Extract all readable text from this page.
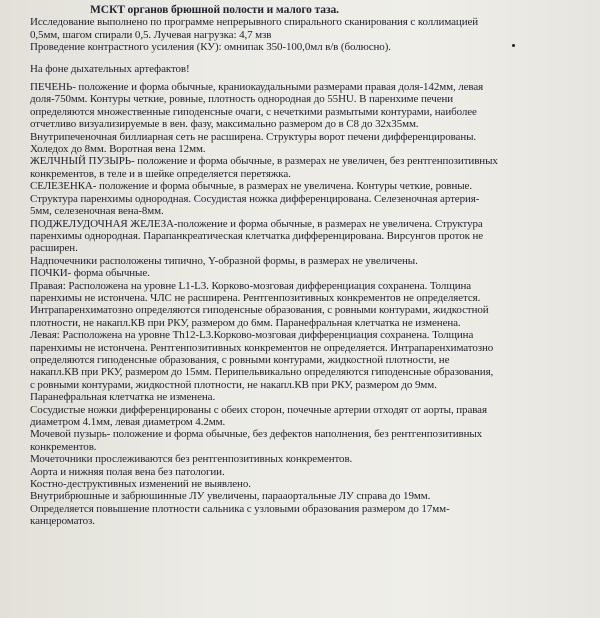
МСКТ органов брюшной полости и малого таза.
Исследование выполнено по программе непрерывного спирального сканирования с коллимацией
0,5мм, шагом спирали 0,5. Лучевая нагрузка: 4,7 мзв
Проведение контрастного усиления (КУ): омнипак 350-100,0мл в/в (болюсно).
На фоне дыхательных артефактов!
ПЕЧЕНЬ- положение и форма обычные, краниокаудальными размерами правая доля-142мм, левая
доля-750мм. Контуры четкие, ровные, плотность однородная до 55HU. В паренхиме печени
определяются множественные гиподенсные очаги, с нечеткими размытыми контурами, наиболее
отчетливо визуализируемые в вен. фазу, максимально размером до в С8 до 32х35мм.
Внутрипеченочная биллиарная сеть не расширена. Структуры ворот печени дифференцированы.
Холедох до 8мм. Воротная вена 12мм.
ЖЕЛЧНЫЙ ПУЗЫРЬ- положение и форма обычные, в размерах не увеличен, без рентгенпозитивных
конкрементов, в теле и в шейке определяется перетяжка.
СЕЛЕЗЕНКА- положение и форма обычные, в размерах не увеличена. Контуры четкие, ровные.
Структура паренхимы однородная. Сосудистая ножка дифференцирована. Селезеночная артерия-
5мм, селезеночная вена-8мм.
ПОДЖЕЛУДОЧНАЯ ЖЕЛЕЗА-положение и форма обычные, в размерах не увеличена. Структура
паренхимы однородная. Парапанкреатическая клетчатка дифференцирована. Вирсунгов проток не
расширен.
Надпочечники расположены типично, Y-образной формы, в размерах не увеличены.
ПОЧКИ- форма обычные.
Правая: Расположена на уровне L1-L3. Корково-мозговая дифференциация сохранена. Толщина
паренхимы не истончена. ЧЛС не расширена. Рентгенпозитивных конкрементов не определяется.
Интрапаренхиматозно определяются гиподенсные образования, с ровными контурами, жидкостной
плотности, не накапл.КВ при РКУ, размером до 6мм. Паранефральная клетчатка не изменена.
Левая: Расположена на уровне Th12-L3.Корково-мозговая дифференциация сохранена. Толщина
паренхимы не истончена. Рентгенпозитивных конкрементов не определяется. Интрапаренхиматозно
определяются гиподенсные образования, с ровными контурами, жидкостной плотности, не
накапл.КВ при РКУ, размером до 15мм. Перипельвикально определяются гиподенсные образования,
с ровными контурами, жидкостной плотности, не накапл.КВ при РКУ, размером до 9мм.
Паранефральная клетчатка не изменена.
Сосудистые ножки дифференцированы с обеих сторон, почечные артерии отходят от аорты, правая
диаметром 4.1мм, левая диаметром 4.2мм.
Мочевой пузырь- положение и форма обычные, без дефектов наполнения, без рентгенпозитивных
конкрементов.
Мочеточники прослеживаются без рентгенпозитивных конкрементов.
Аорта и нижняя полая вена без патологии.
Костно-деструктивных изменений не выявлено.
Внутрибрюшные и забрюшинные ЛУ увеличены, парааортальные ЛУ справа до 19мм.
Определяется повышение плотности сальника с узловыми образования размером до 17мм-
канцероматоз.
